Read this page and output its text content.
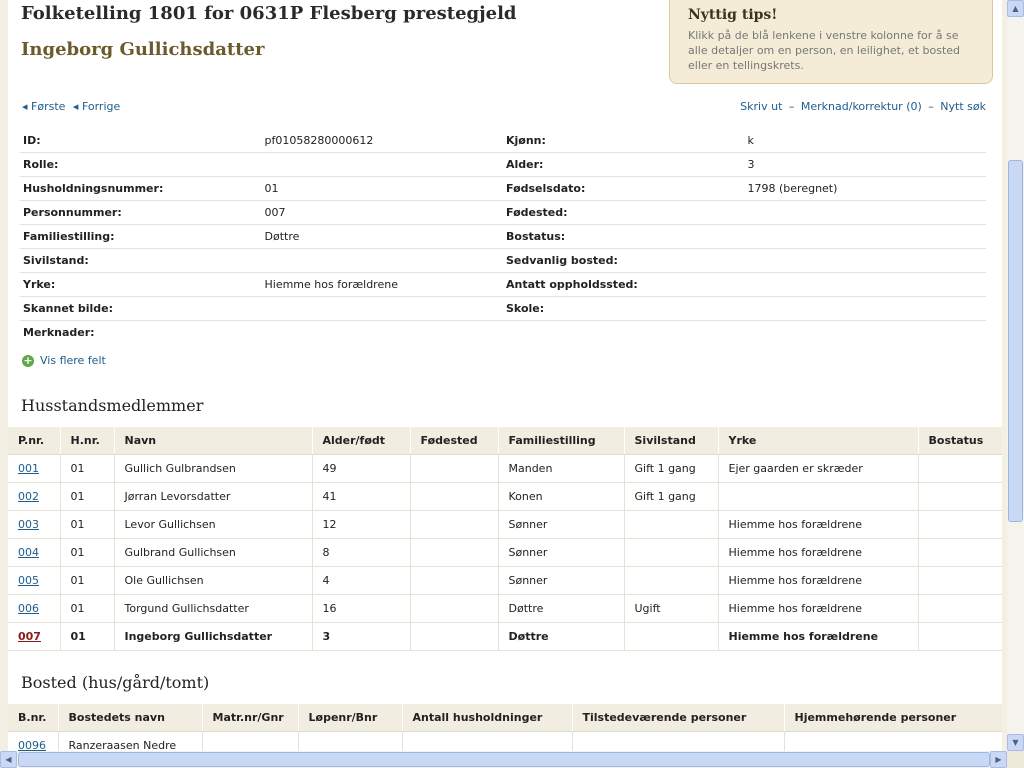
Folketelling 1801 for 0631P Flesberg prestegjeld
Ingeborg Gullichsdatter

Nyttig tips!

Klikk på de blå lenkene i venstre kolonne for å se alle detaljer om en person, en leilighet, et bosted eller en tellingskrets.

◂ Første ◂ Forrige	Skriv ut – Merknad/korrektur (0) – Nytt søk
ID:	pf01058280000612	Kjønn:	k
Rolle:		Alder:	3
Husholdningsnummer:	01	Fødselsdato:	1798 (beregnet)
Personnummer:	007	Fødested:	
Familiestilling:	Døttre	Bostatus:	
Sivilstand:		Sedvanlig bosted:	
Yrke:	Hiemme hos forældrene	Antatt oppholdssted:	
Skannet bilde:		Skole:	
Merknader:			
+ Vis flere felt
Husstandsmedlemmer
P.nr.	H.nr.	Navn	Alder/født	Fødested	Familiestilling	Sivilstand	Yrke	Bostatus
001	01	Gullich Gulbrandsen	49		Manden	Gift 1 gang	Ejer gaarden er skræder	
002	01	Jørran Levorsdatter	41		Konen	Gift 1 gang		
003	01	Levor Gullichsen	12		Sønner		Hiemme hos forældrene	
004	01	Gulbrand Gullichsen	8		Sønner		Hiemme hos forældrene	
005	01	Ole Gullichsen	4		Sønner		Hiemme hos forældrene	
006	01	Torgund Gullichsdatter	16		Døttre	Ugift	Hiemme hos forældrene	
007	01	Ingeborg Gullichsdatter	3		Døttre		Hiemme hos forældrene	
Bosted (hus/gård/tomt)
B.nr.	Bostedets navn	Matr.nr/Gnr	Løpenr/Bnr	Antall husholdninger	Tilstedeværende personer	Hjemmehørende personer
0096	Ranzeraasen Nedre					
▲
▼
◀	▶
